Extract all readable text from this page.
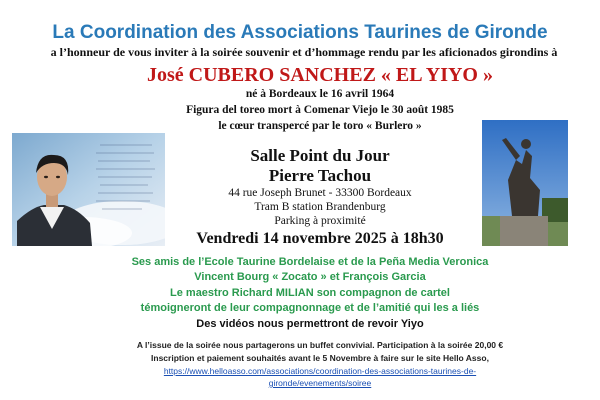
La Coordination des Associations Taurines de Gironde
a l’honneur de vous inviter à la soirée souvenir et d’hommage rendu par les aficionados girondins à
José CUBERO SANCHEZ « EL YIYO »
né à Bordeaux le 16 avril 1964
Figura del toreo mort à Comenar Viejo le 30 août 1985
le cœur transpercé par le toro « Burlero »
Salle Point du Jour
Pierre Tachou
44 rue Joseph Brunet - 33300 Bordeaux
Tram B station Brandenburg
Parking à proximité
Vendredi 14 novembre 2025 à 18h30
Ses amis de l’Ecole Taurine Bordelaise et de la Peña Media Veronica
Vincent Bourg « Zocato » et François Garcia
Le maestro Richard MILIAN son compagnon de cartel
témoigneront de leur compagnonnage et de l’amitié qui les a liés
Des vidéos nous permettront de revoir Yiyo
A l’issue de la soirée nous partagerons un buffet convivial. Participation à la soirée 20,00 €
Inscription et paiement souhaités avant le 5 Novembre à faire sur le site Hello Asso,
https://www.helloasso.com/associations/coordination-des-associations-taurines-de-
gironde/evenements/soiree
